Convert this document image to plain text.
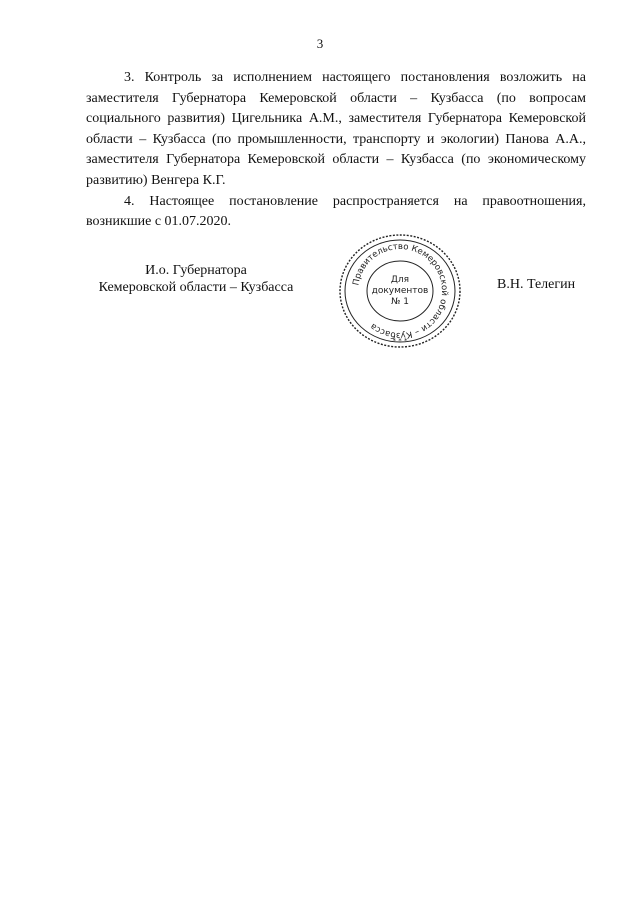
3

3. Контроль за исполнением настоящего постановления возложить на заместителя Губернатора Кемеровской области – Кузбасса (по вопросам социального развития) Цигельника А.М., заместителя Губернатора Кемеровской области – Кузбасса (по промышленности, транспорту и экологии) Панова А.А., заместителя Губернатора Кемеровской области – Кузбасса (по экономическому развитию) Венгера К.Г.

4. Настоящее постановление распространяется на правоотношения, возникшие с 01.07.2020.

И.о. Губернатора
Кемеровской области – Кузбасса	Правительство Кемеровской области – Кузбасса
Для
документов
№ 1
* * *
В.Н. Телегин
